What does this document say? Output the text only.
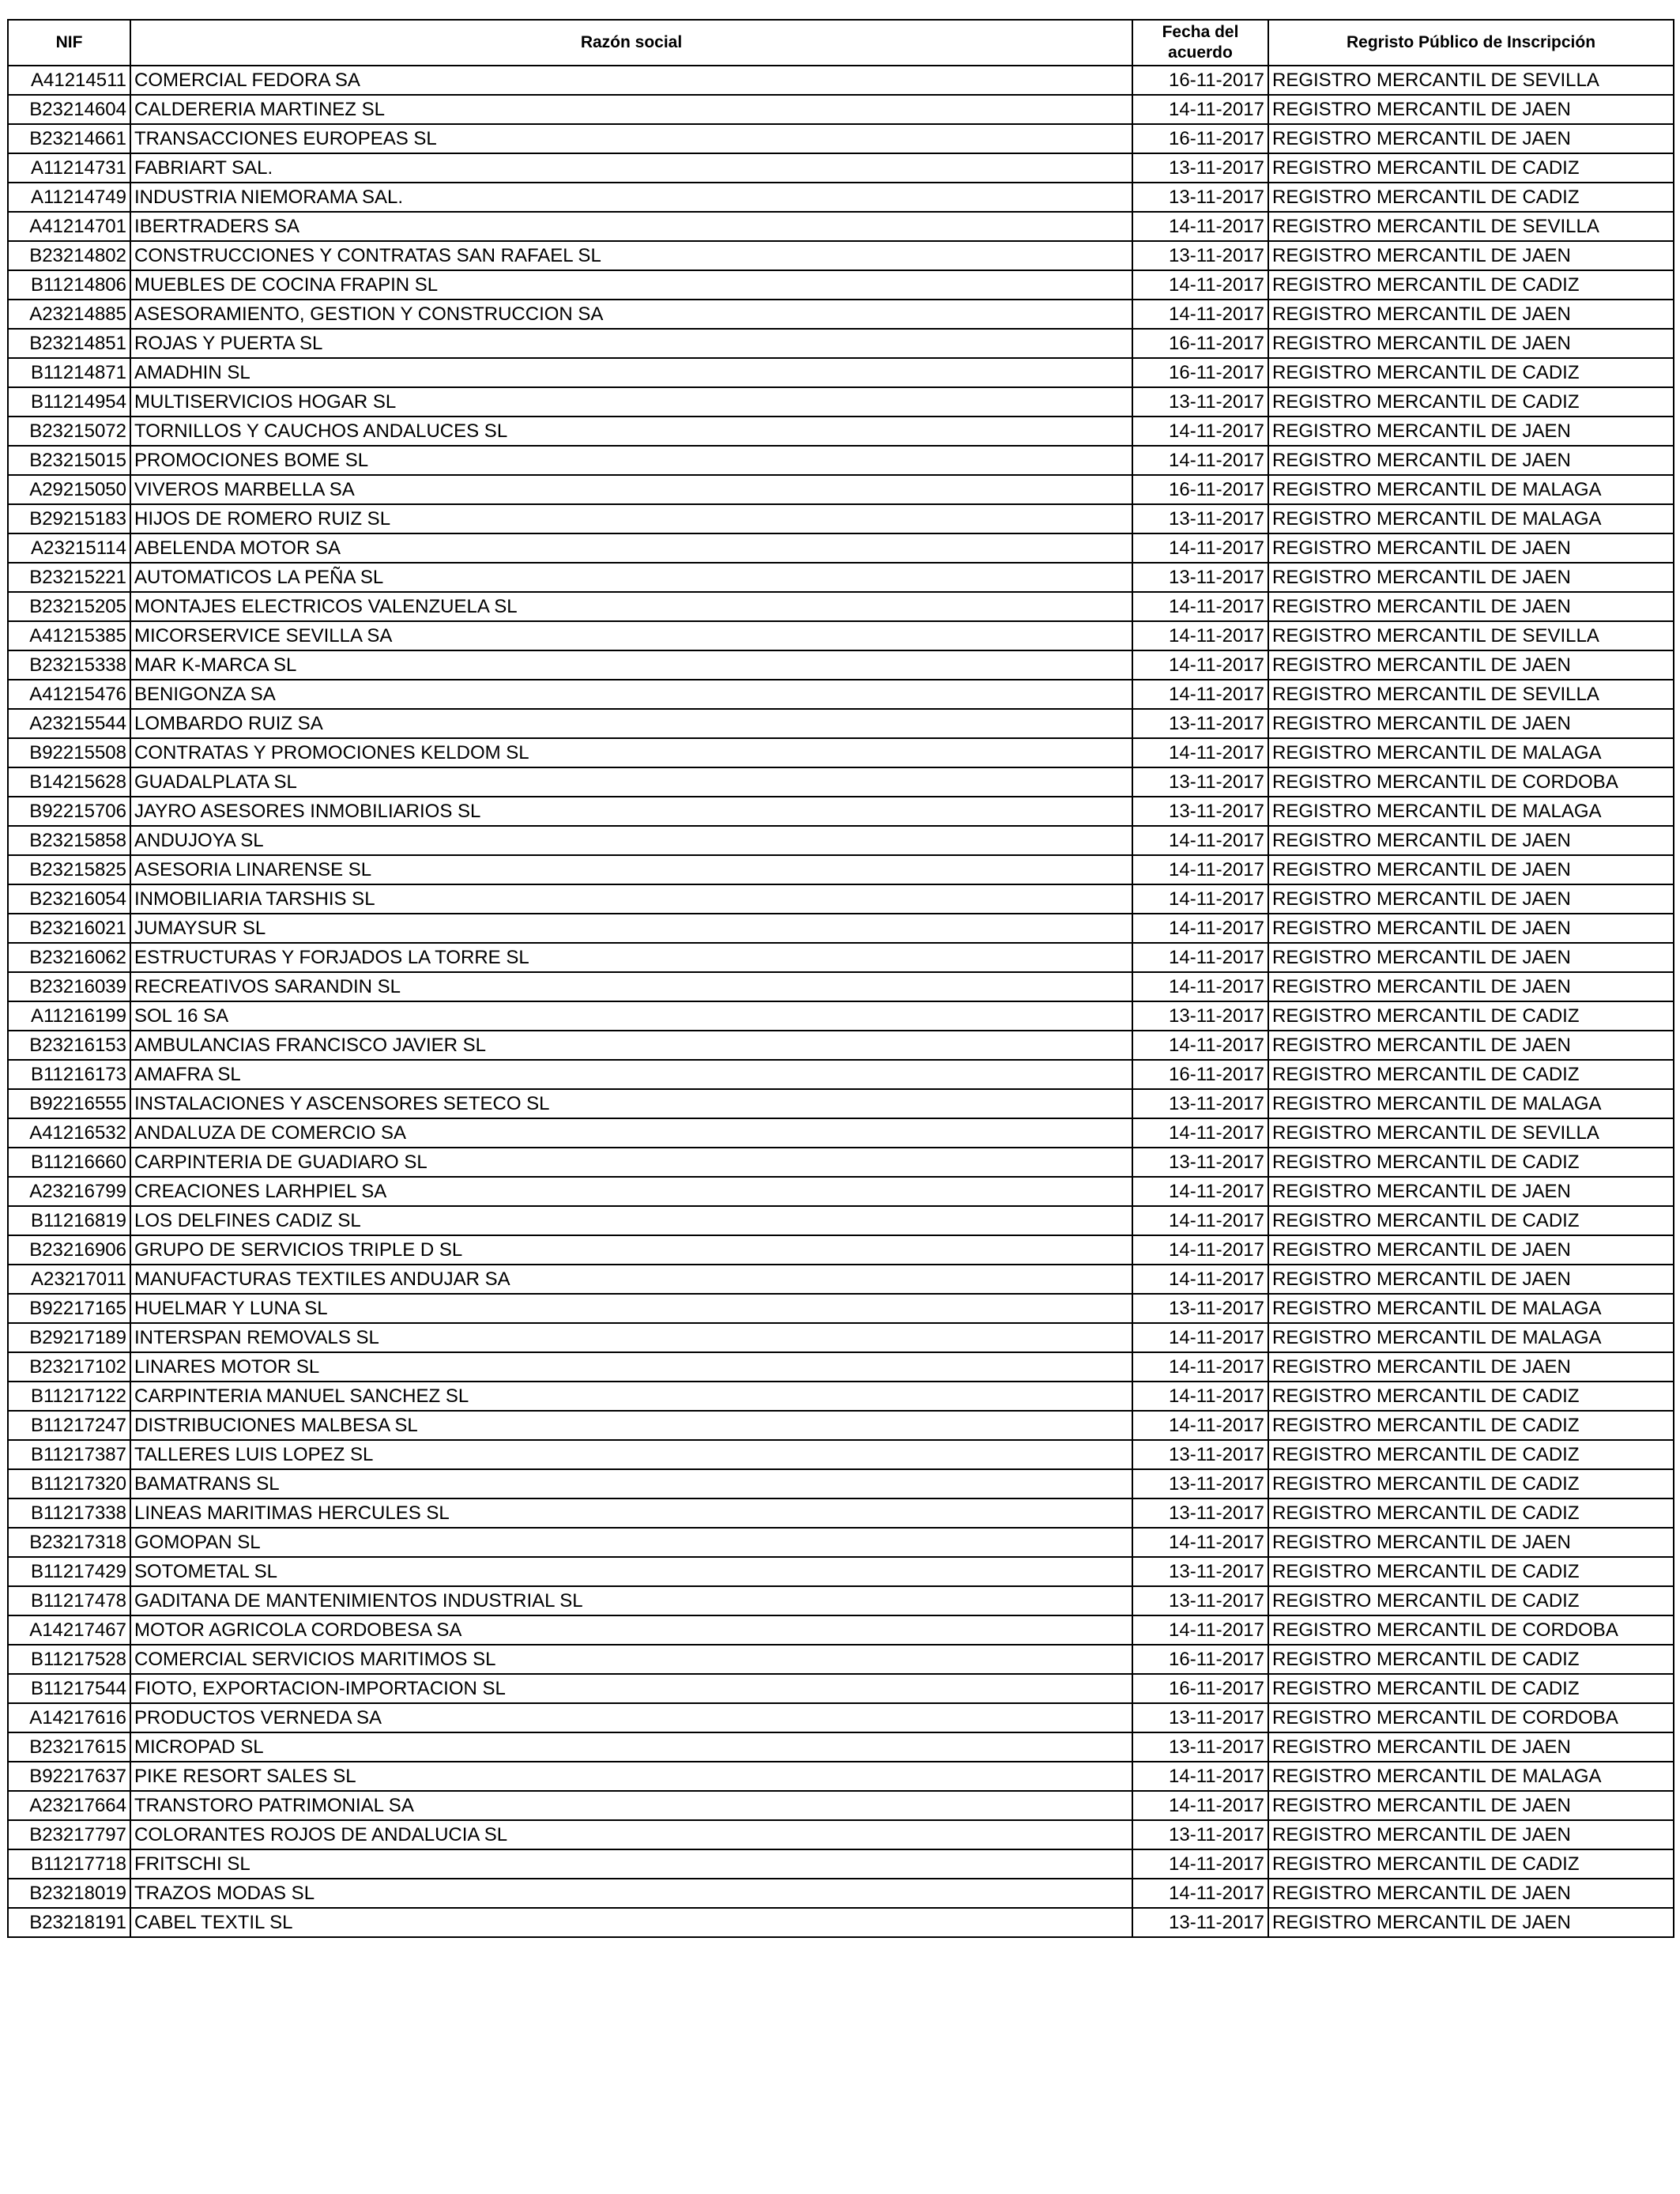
NIF	Razón social	Fecha del acuerdo	Regristo Público de Inscripción
A41214511	COMERCIAL FEDORA SA	16-11-2017	REGISTRO MERCANTIL DE SEVILLA
B23214604	CALDERERIA MARTINEZ SL	14-11-2017	REGISTRO MERCANTIL DE JAEN
B23214661	TRANSACCIONES EUROPEAS SL	16-11-2017	REGISTRO MERCANTIL DE JAEN
A11214731	FABRIART SAL.	13-11-2017	REGISTRO MERCANTIL DE CADIZ
A11214749	INDUSTRIA NIEMORAMA SAL.	13-11-2017	REGISTRO MERCANTIL DE CADIZ
A41214701	IBERTRADERS SA	14-11-2017	REGISTRO MERCANTIL DE SEVILLA
B23214802	CONSTRUCCIONES Y CONTRATAS SAN RAFAEL SL	13-11-2017	REGISTRO MERCANTIL DE JAEN
B11214806	MUEBLES DE COCINA FRAPIN SL	14-11-2017	REGISTRO MERCANTIL DE CADIZ
A23214885	ASESORAMIENTO, GESTION Y CONSTRUCCION SA	14-11-2017	REGISTRO MERCANTIL DE JAEN
B23214851	ROJAS Y PUERTA SL	16-11-2017	REGISTRO MERCANTIL DE JAEN
B11214871	AMADHIN SL	16-11-2017	REGISTRO MERCANTIL DE CADIZ
B11214954	MULTISERVICIOS HOGAR SL	13-11-2017	REGISTRO MERCANTIL DE CADIZ
B23215072	TORNILLOS Y CAUCHOS ANDALUCES SL	14-11-2017	REGISTRO MERCANTIL DE JAEN
B23215015	PROMOCIONES BOME SL	14-11-2017	REGISTRO MERCANTIL DE JAEN
A29215050	VIVEROS MARBELLA SA	16-11-2017	REGISTRO MERCANTIL DE MALAGA
B29215183	HIJOS DE ROMERO RUIZ SL	13-11-2017	REGISTRO MERCANTIL DE MALAGA
A23215114	ABELENDA MOTOR SA	14-11-2017	REGISTRO MERCANTIL DE JAEN
B23215221	AUTOMATICOS LA PEÑA SL	13-11-2017	REGISTRO MERCANTIL DE JAEN
B23215205	MONTAJES ELECTRICOS VALENZUELA SL	14-11-2017	REGISTRO MERCANTIL DE JAEN
A41215385	MICORSERVICE SEVILLA SA	14-11-2017	REGISTRO MERCANTIL DE SEVILLA
B23215338	MAR K-MARCA SL	14-11-2017	REGISTRO MERCANTIL DE JAEN
A41215476	BENIGONZA SA	14-11-2017	REGISTRO MERCANTIL DE SEVILLA
A23215544	LOMBARDO RUIZ SA	13-11-2017	REGISTRO MERCANTIL DE JAEN
B92215508	CONTRATAS Y PROMOCIONES KELDOM SL	14-11-2017	REGISTRO MERCANTIL DE MALAGA
B14215628	GUADALPLATA SL	13-11-2017	REGISTRO MERCANTIL DE CORDOBA
B92215706	JAYRO ASESORES INMOBILIARIOS SL	13-11-2017	REGISTRO MERCANTIL DE MALAGA
B23215858	ANDUJOYA SL	14-11-2017	REGISTRO MERCANTIL DE JAEN
B23215825	ASESORIA LINARENSE SL	14-11-2017	REGISTRO MERCANTIL DE JAEN
B23216054	INMOBILIARIA TARSHIS SL	14-11-2017	REGISTRO MERCANTIL DE JAEN
B23216021	JUMAYSUR SL	14-11-2017	REGISTRO MERCANTIL DE JAEN
B23216062	ESTRUCTURAS Y FORJADOS LA TORRE SL	14-11-2017	REGISTRO MERCANTIL DE JAEN
B23216039	RECREATIVOS SARANDIN SL	14-11-2017	REGISTRO MERCANTIL DE JAEN
A11216199	SOL 16 SA	13-11-2017	REGISTRO MERCANTIL DE CADIZ
B23216153	AMBULANCIAS FRANCISCO JAVIER SL	14-11-2017	REGISTRO MERCANTIL DE JAEN
B11216173	AMAFRA SL	16-11-2017	REGISTRO MERCANTIL DE CADIZ
B92216555	INSTALACIONES Y ASCENSORES SETECO SL	13-11-2017	REGISTRO MERCANTIL DE MALAGA
A41216532	ANDALUZA DE COMERCIO SA	14-11-2017	REGISTRO MERCANTIL DE SEVILLA
B11216660	CARPINTERIA DE GUADIARO SL	13-11-2017	REGISTRO MERCANTIL DE CADIZ
A23216799	CREACIONES LARHPIEL SA	14-11-2017	REGISTRO MERCANTIL DE JAEN
B11216819	LOS DELFINES CADIZ SL	14-11-2017	REGISTRO MERCANTIL DE CADIZ
B23216906	GRUPO DE SERVICIOS TRIPLE D SL	14-11-2017	REGISTRO MERCANTIL DE JAEN
A23217011	MANUFACTURAS TEXTILES ANDUJAR SA	14-11-2017	REGISTRO MERCANTIL DE JAEN
B92217165	HUELMAR Y LUNA SL	13-11-2017	REGISTRO MERCANTIL DE MALAGA
B29217189	INTERSPAN REMOVALS SL	14-11-2017	REGISTRO MERCANTIL DE MALAGA
B23217102	LINARES MOTOR SL	14-11-2017	REGISTRO MERCANTIL DE JAEN
B11217122	CARPINTERIA MANUEL SANCHEZ SL	14-11-2017	REGISTRO MERCANTIL DE CADIZ
B11217247	DISTRIBUCIONES MALBESA SL	14-11-2017	REGISTRO MERCANTIL DE CADIZ
B11217387	TALLERES LUIS LOPEZ SL	13-11-2017	REGISTRO MERCANTIL DE CADIZ
B11217320	BAMATRANS SL	13-11-2017	REGISTRO MERCANTIL DE CADIZ
B11217338	LINEAS MARITIMAS HERCULES SL	13-11-2017	REGISTRO MERCANTIL DE CADIZ
B23217318	GOMOPAN SL	14-11-2017	REGISTRO MERCANTIL DE JAEN
B11217429	SOTOMETAL SL	13-11-2017	REGISTRO MERCANTIL DE CADIZ
B11217478	GADITANA DE MANTENIMIENTOS INDUSTRIAL SL	13-11-2017	REGISTRO MERCANTIL DE CADIZ
A14217467	MOTOR AGRICOLA CORDOBESA SA	14-11-2017	REGISTRO MERCANTIL DE CORDOBA
B11217528	COMERCIAL SERVICIOS MARITIMOS SL	16-11-2017	REGISTRO MERCANTIL DE CADIZ
B11217544	FIOTO, EXPORTACION-IMPORTACION SL	16-11-2017	REGISTRO MERCANTIL DE CADIZ
A14217616	PRODUCTOS VERNEDA SA	13-11-2017	REGISTRO MERCANTIL DE CORDOBA
B23217615	MICROPAD SL	13-11-2017	REGISTRO MERCANTIL DE JAEN
B92217637	PIKE RESORT SALES SL	14-11-2017	REGISTRO MERCANTIL DE MALAGA
A23217664	TRANSTORO PATRIMONIAL SA	14-11-2017	REGISTRO MERCANTIL DE JAEN
B23217797	COLORANTES ROJOS DE ANDALUCIA SL	13-11-2017	REGISTRO MERCANTIL DE JAEN
B11217718	FRITSCHI SL	14-11-2017	REGISTRO MERCANTIL DE CADIZ
B23218019	TRAZOS MODAS SL	14-11-2017	REGISTRO MERCANTIL DE JAEN
B23218191	CABEL TEXTIL SL	13-11-2017	REGISTRO MERCANTIL DE JAEN
